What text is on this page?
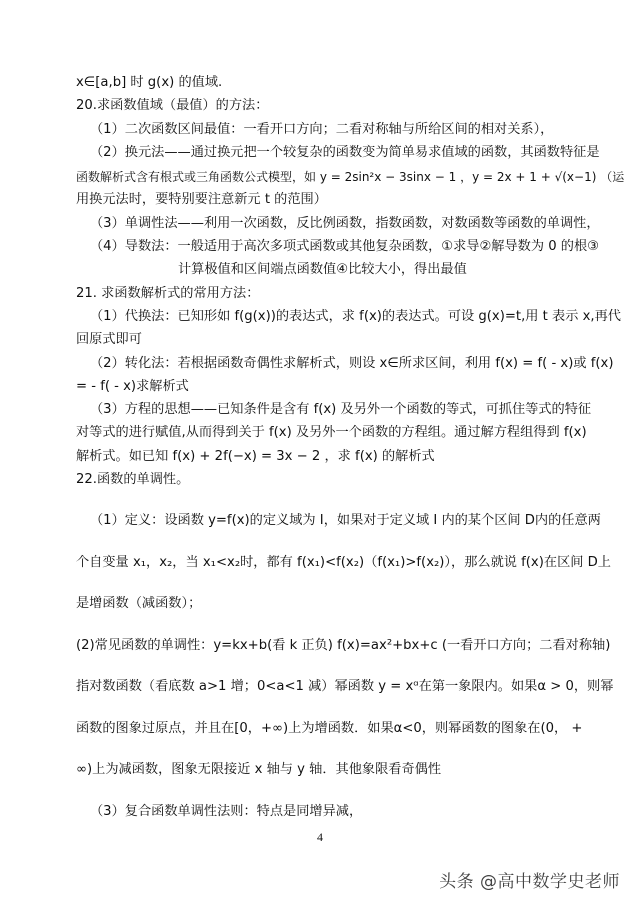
x∈[a,b] 时 g(x) 的值域.
20.求函数值域（最值）的方法：
（1）二次函数区间最值：一看开口方向；二看对称轴与所给区间的相对关系），
（2）换元法——通过换元把一个较复杂的函数变为简单易求值域的函数，其函数特征是
函数解析式含有根式或三角函数公式模型，如 y = 2sin²x − 3sinx − 1 ，y = 2x + 1 + √(x−1) （运
用换元法时，要特别要注意新元 t 的范围）
（3）单调性法——利用一次函数，反比例函数，指数函数，对数函数等函数的单调性，
（4）导数法：一般适用于高次多项式函数或其他复杂函数，①求导②解导数为 0 的根③
计算极值和区间端点函数值④比较大小，得出最值
21. 求函数解析式的常用方法：
（1）代换法：已知形如 f(g(x))的表达式，求 f(x)的表达式。可设 g(x)=t,用 t 表示 x,再代
回原式即可
（2）转化法：若根据函数奇偶性求解析式，则设 x∈所求区间，利用 f(x) = f( - x)或 f(x)
= - f( - x)求解析式
（3）方程的思想——已知条件是含有 f(x) 及另外一个函数的等式，可抓住等式的特征
对等式的进行赋值,从而得到关于 f(x) 及另外一个函数的方程组。通过解方程组得到 f(x)
解析式。如已知 f(x) + 2f(−x) = 3x − 2 ，求 f(x) 的解析式
22.函数的单调性。
（1）定义：设函数 y=f(x)的定义域为 I，如果对于定义域 I 内的某个区间 D内的任意两
个自变量 x₁，x₂，当 x₁<x₂时，都有 f(x₁)<f(x₂)（f(x₁)>f(x₂)），那么就说 f(x)在区间 D上
是增函数（减函数）；
(2)常见函数的单调性：y=kx+b(看 k 正负) f(x)=ax²+bx+c (一看开口方向；二看对称轴)
指对数函数（看底数 a>1 增；0<a<1 减）幂函数 y = xᵅ在第一象限内。如果α > 0，则幂
函数的图象过原点，并且在[0，+∞)上为增函数．如果α<0，则幂函数的图象在(0， +
∞)上为减函数，图象无限接近 x 轴与 y 轴．其他象限看奇偶性
（3）复合函数单调性法则：特点是同增异减，
4
头条 @高中数学史老师
